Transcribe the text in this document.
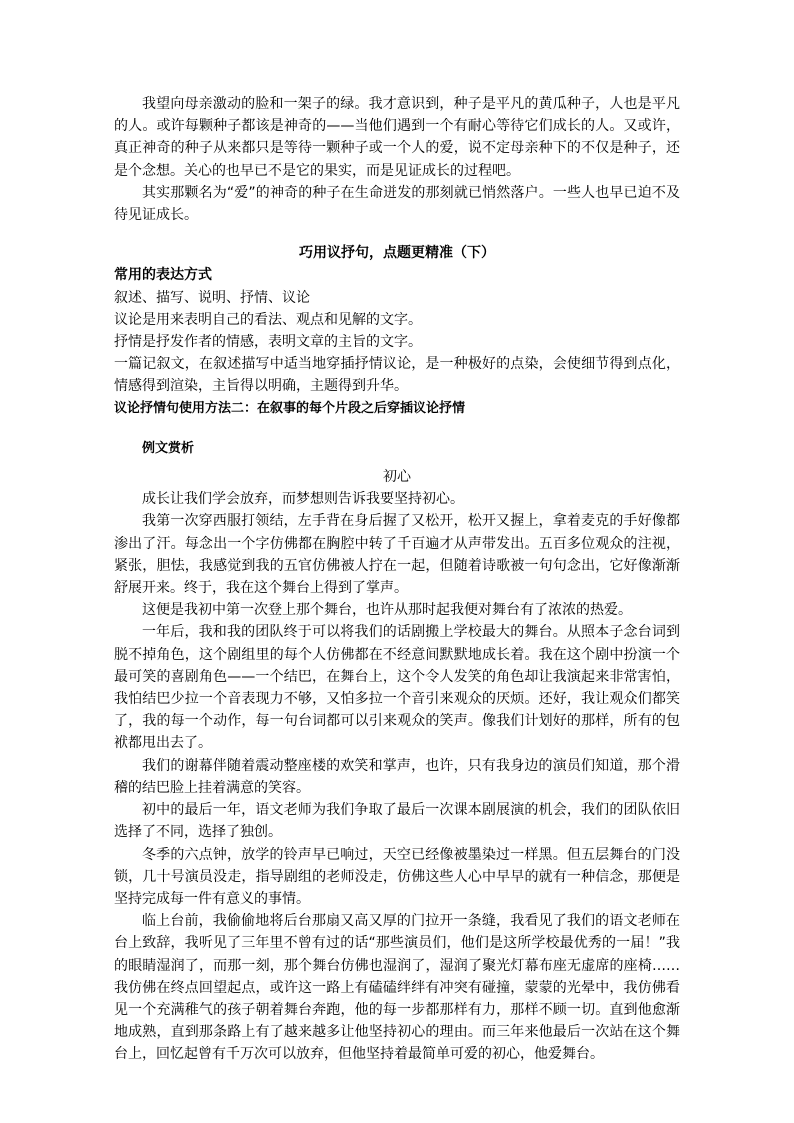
我望向母亲激动的脸和一架子的绿。我才意识到，种子是平凡的黄瓜种子，人也是平凡的人。或许每颗种子都该是神奇的——当他们遇到一个有耐心等待它们成长的人。又或许，真正神奇的种子从来都只是等待一颗种子或一个人的爱，说不定母亲种下的不仅是种子，还是个念想。关心的也早已不是它的果实，而是见证成长的过程吧。

其实那颗名为“爱”的神奇的种子在生命迸发的那刻就已悄然落户。一些人也早已迫不及待见证成长。

巧用议抒句，点题更精准（下）

常用的表达方式

叙述、描写、说明、抒情、议论

议论是用来表明自己的看法、观点和见解的文字。

抒情是抒发作者的情感，表明文章的主旨的文字。

一篇记叙文，在叙述描写中适当地穿插抒情议论，是一种极好的点染，会使细节得到点化，情感得到渲染，主旨得以明确，主题得到升华。

议论抒情句使用方法二：在叙事的每个片段之后穿插议论抒情

例文赏析

初心

成长让我们学会放弃，而梦想则告诉我要坚持初心。

我第一次穿西服打领结，左手背在身后握了又松开，松开又握上，拿着麦克的手好像都渗出了汗。每念出一个字仿佛都在胸腔中转了千百遍才从声带发出。五百多位观众的注视，紧张，胆怯，我感觉到我的五官仿佛被人拧在一起，但随着诗歌被一句句念出，它好像渐渐舒展开来。终于，我在这个舞台上得到了掌声。

这便是我初中第一次登上那个舞台，也许从那时起我便对舞台有了浓浓的热爱。

一年后，我和我的团队终于可以将我们的话剧搬上学校最大的舞台。从照本子念台词到脱不掉角色，这个剧组里的每个人仿佛都在不经意间默默地成长着。我在这个剧中扮演一个最可笑的喜剧角色——一个结巴，在舞台上，这个令人发笑的角色却让我演起来非常害怕，我怕结巴少拉一个音表现力不够，又怕多拉一个音引来观众的厌烦。还好，我让观众们都笑了，我的每一个动作，每一句台词都可以引来观众的笑声。像我们计划好的那样，所有的包袱都甩出去了。

我们的谢幕伴随着震动整座楼的欢笑和掌声，也许，只有我身边的演员们知道，那个滑稽的结巴脸上挂着满意的笑容。

初中的最后一年，语文老师为我们争取了最后一次课本剧展演的机会，我们的团队依旧选择了不同，选择了独创。

冬季的六点钟，放学的铃声早已响过，天空已经像被墨染过一样黑。但五层舞台的门没锁，几十号演员没走，指导剧组的老师没走，仿佛这些人心中早早的就有一种信念，那便是坚持完成每一件有意义的事情。

临上台前，我偷偷地将后台那扇又高又厚的门拉开一条缝，我看见了我们的语文老师在台上致辞，我听见了三年里不曾有过的话“那些演员们，他们是这所学校最优秀的一届！”我的眼睛湿润了，而那一刻，那个舞台仿佛也湿润了，湿润了聚光灯幕布座无虚席的座椅……我仿佛在终点回望起点，或许这一路上有磕磕绊绊有冲突有碰撞，蒙蒙的光晕中，我仿佛看见一个充满稚气的孩子朝着舞台奔跑，他的每一步都那样有力，那样不顾一切。直到他愈渐地成熟，直到那条路上有了越来越多让他坚持初心的理由。而三年来他最后一次站在这个舞台上，回忆起曾有千万次可以放弃，但他坚持着最简单可爱的初心，他爱舞台。
